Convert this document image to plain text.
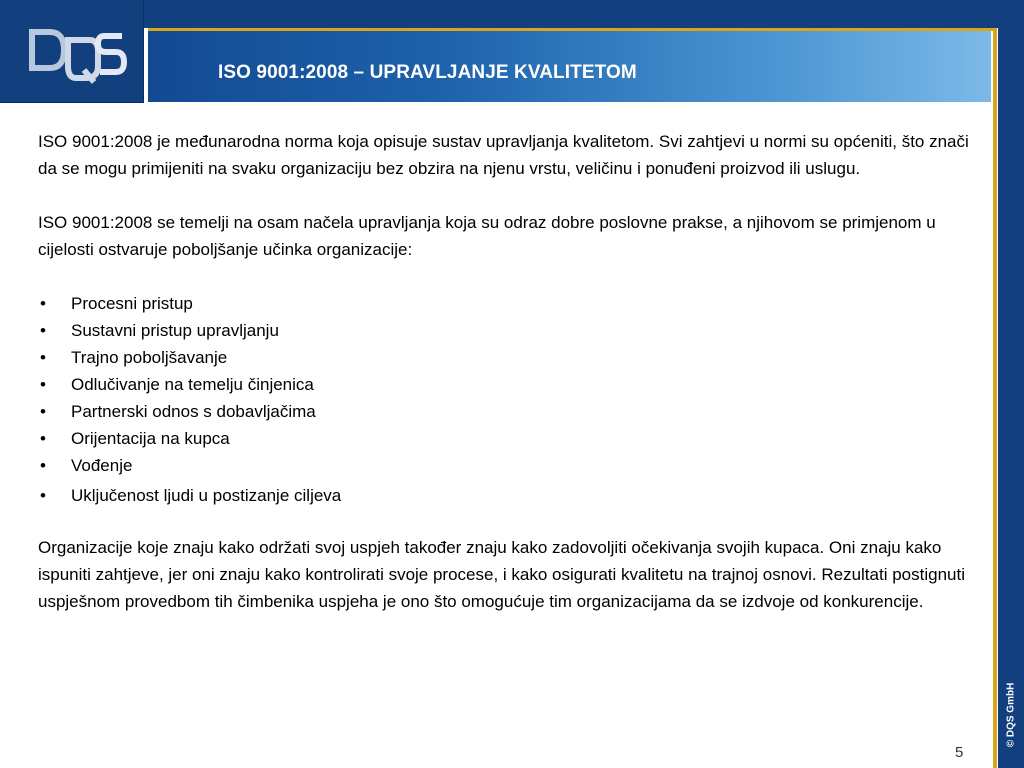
DQS
ISO 9001:2008 – UPRAVLJANJE KVALITETOM
© DQS GmbH

ISO 9001:2008 je međunarodna norma koja opisuje sustav upravljanja kvalitetom. Svi zahtjevi u normi su općeniti, što znači da se mogu primijeniti na svaku organizaciju bez obzira na njenu vrstu, veličinu i ponuđeni proizvod ili uslugu.

ISO 9001:2008 se temelji na osam načela upravljanja koja su odraz dobre poslovne prakse, a njihovom se primjenom u cijelosti ostvaruje poboljšanje učinka organizacije:

• Procesni pristup
• Sustavni pristup upravljanju
• Trajno poboljšavanje
• Odlučivanje na temelju činjenica
• Partnerski odnos s dobavljačima
• Orijentacija na kupca
• Vođenje
• Uključenost ljudi u postizanje ciljeva

Organizacije koje znaju kako održati svoj uspjeh također znaju kako zadovoljiti očekivanja svojih kupaca. Oni znaju kako ispuniti zahtjeve, jer oni znaju kako kontrolirati svoje procese, i kako osigurati kvalitetu na trajnoj osnovi. Rezultati postignuti uspješnom provedbom tih čimbenika uspjeha je ono što omogućuje tim organizacijama da se izdvoje od konkurencije.

5
